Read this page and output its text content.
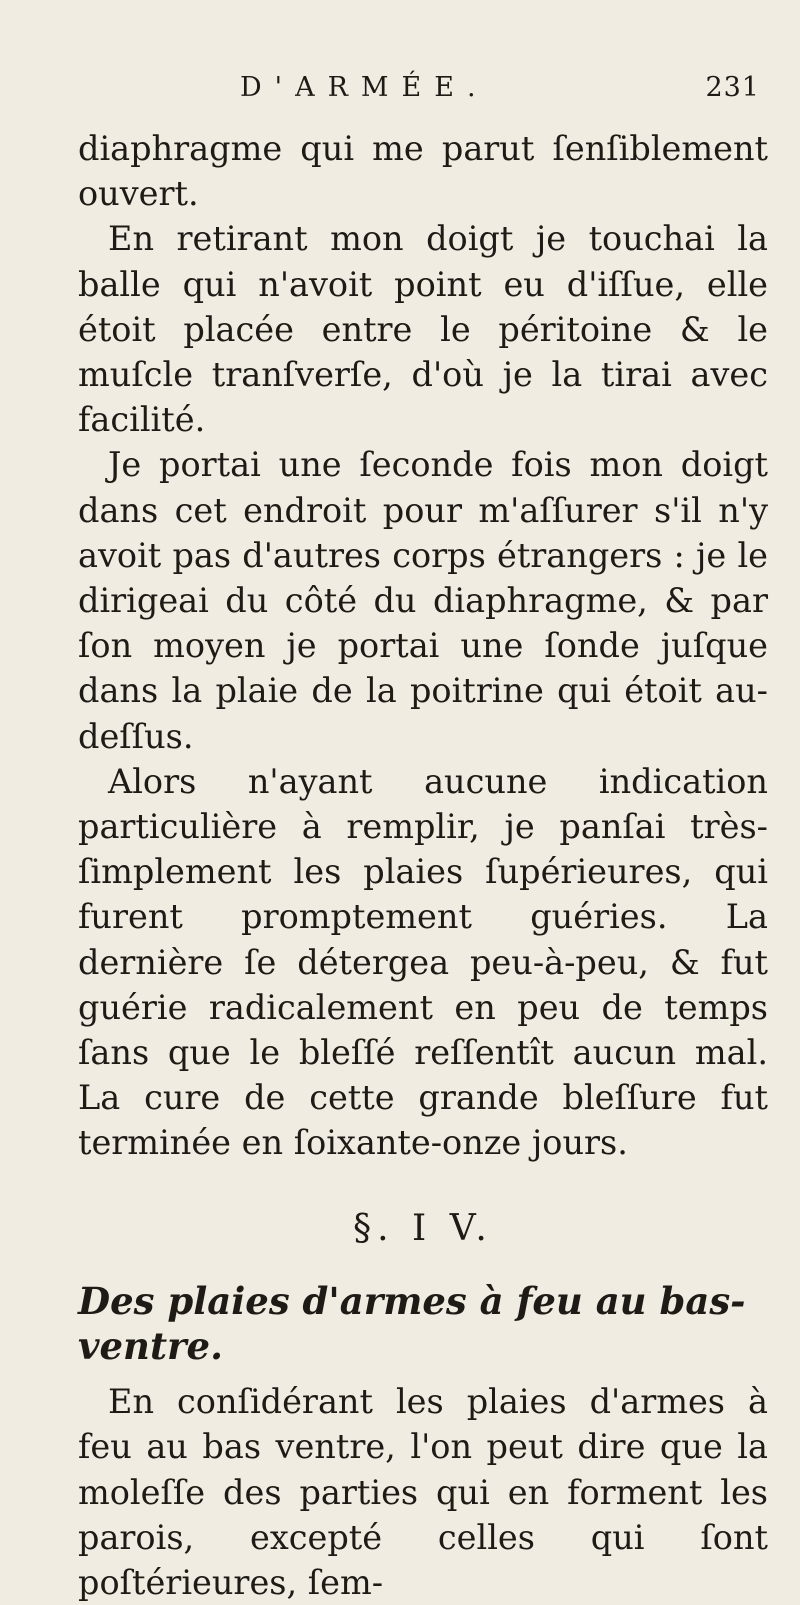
D'ARMÉE.	231

diaphragme qui me parut ſenſiblement ouvert.

En retirant mon doigt je touchai la balle qui n'avoit point eu d'iſſue, elle étoit placée entre le péritoine & le muſcle tranſverſe, d'où je la tirai avec facilité.

Je portai une ſeconde fois mon doigt dans cet endroit pour m'aſſurer s'il n'y avoit pas d'autres corps étrangers : je le dirigeai du côté du diaphragme, & par ſon moyen je portai une ſonde juſque dans la plaie de la poitrine qui étoit au-deſſus.

Alors n'ayant aucune indication particulière à remplir, je panſai très-ſimplement les plaies ſupérieures, qui furent promptement guéries. La dernière ſe détergea peu-à-peu, & fut guérie radicalement en peu de temps ſans que le bleſſé reſſentît aucun mal. La cure de cette grande bleſſure fut terminée en ſoixante-onze jours.

§. I V.
Des plaies d'armes à feu au bas-ventre.

En conſidérant les plaies d'armes à feu au bas ventre, l'on peut dire que la moleſſe des parties qui en forment les parois, excepté celles qui ſont poſtérieures, ſem-
